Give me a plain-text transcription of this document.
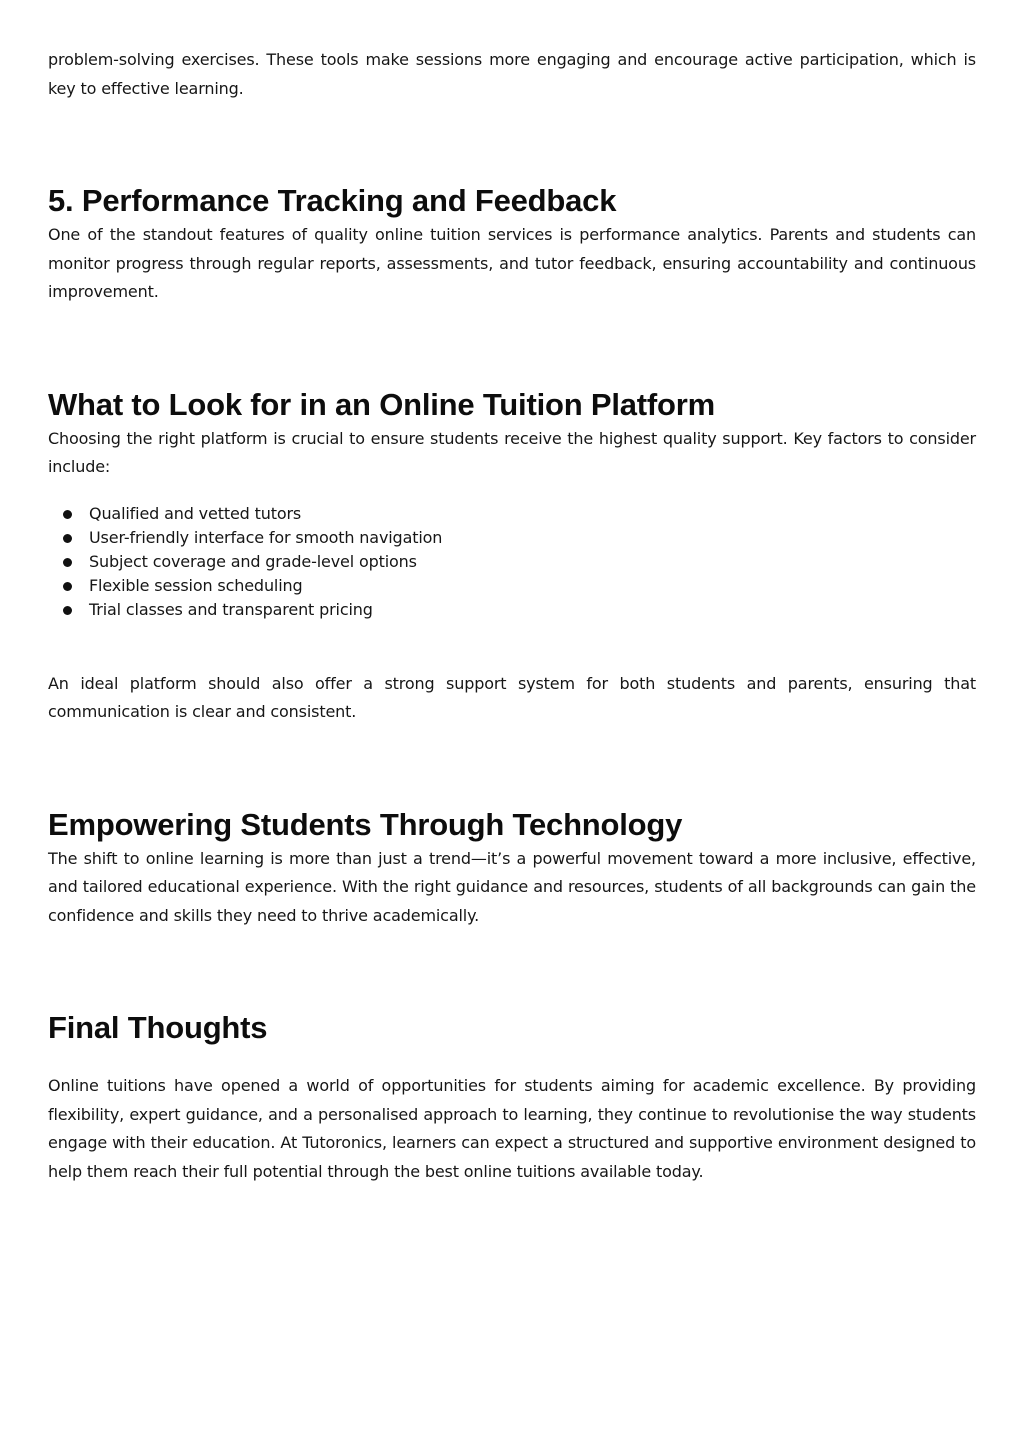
problem-solving exercises. These tools make sessions more engaging and encourage active participation, which is key to effective learning.

5. Performance Tracking and Feedback

One of the standout features of quality online tuition services is performance analytics. Parents and students can monitor progress through regular reports, assessments, and tutor feedback, ensuring accountability and continuous improvement.

What to Look for in an Online Tuition Platform

Choosing the right platform is crucial to ensure students receive the highest quality support. Key factors to consider include:

Qualified and vetted tutors
User-friendly interface for smooth navigation
Subject coverage and grade-level options
Flexible session scheduling
Trial classes and transparent pricing

An ideal platform should also offer a strong support system for both students and parents, ensuring that communication is clear and consistent.

Empowering Students Through Technology

The shift to online learning is more than just a trend—it’s a powerful movement toward a more inclusive, effective, and tailored educational experience. With the right guidance and resources, students of all backgrounds can gain the confidence and skills they need to thrive academically.

Final Thoughts

Online tuitions have opened a world of opportunities for students aiming for academic excellence. By providing flexibility, expert guidance, and a personalised approach to learning, they continue to revolutionise the way students engage with their education. At Tutoronics, learners can expect a structured and supportive environment designed to help them reach their full potential through the best online tuitions available today.
